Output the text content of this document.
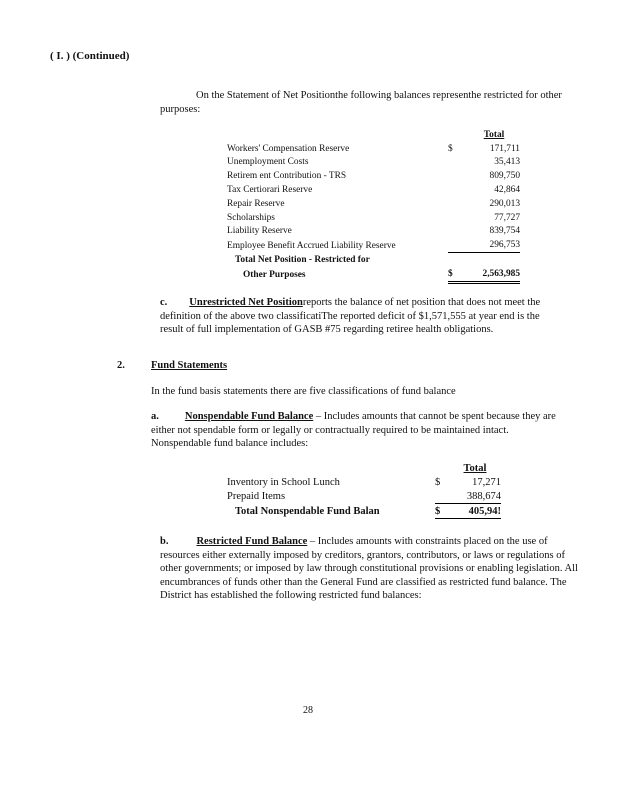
( I. ) (Continued)
On the Statement of Net Positionthe following balances representhe restricted for other purposes:
		Total
Workers' Compensation Reserve	$	171,711
Unemployment Costs		35,413
Retirem ent Contribution - TRS		809,750
Tax Certiorari Reserve		42,864
Repair Reserve		290,013
Scholarships		77,727
Liability Reserve		839,754
Employee Benefit Accrued Liability Reserve		296,753
Total Net Position - Restricted for		
Other Purposes	$	2,563,985
c. Unrestricted Net Positionreports the balance of net position that does not meet the definition of the above two classificatiThe reported deficit of $1,571,555 at year end is the result of full implementation of GASB #75 regarding retiree health obligations.
2. Fund Statements
In the fund basis statements there are five classifications of fund balance
a. Nonspendable Fund Balance – Includes amounts that cannot be spent because they are either not spendable form or legally or contractually required to be maintained intact. Nonspendable fund balance includes:
		Total
Inventory in School Lunch	$	17,271
Prepaid Items		388,674
Total Nonspendable Fund Balan	$	405,94!
b.	Restricted Fund Balance – Includes amounts with constraints placed on the use of resources either externally imposed by creditors, grantors, contributors, or laws or regulations of other governments; or imposed by law through constitutional provisions or enabling legislation. All encumbrances of funds other than the General Fund are classified as restricted fund balance. The District has established the following restricted fund balances:
28
